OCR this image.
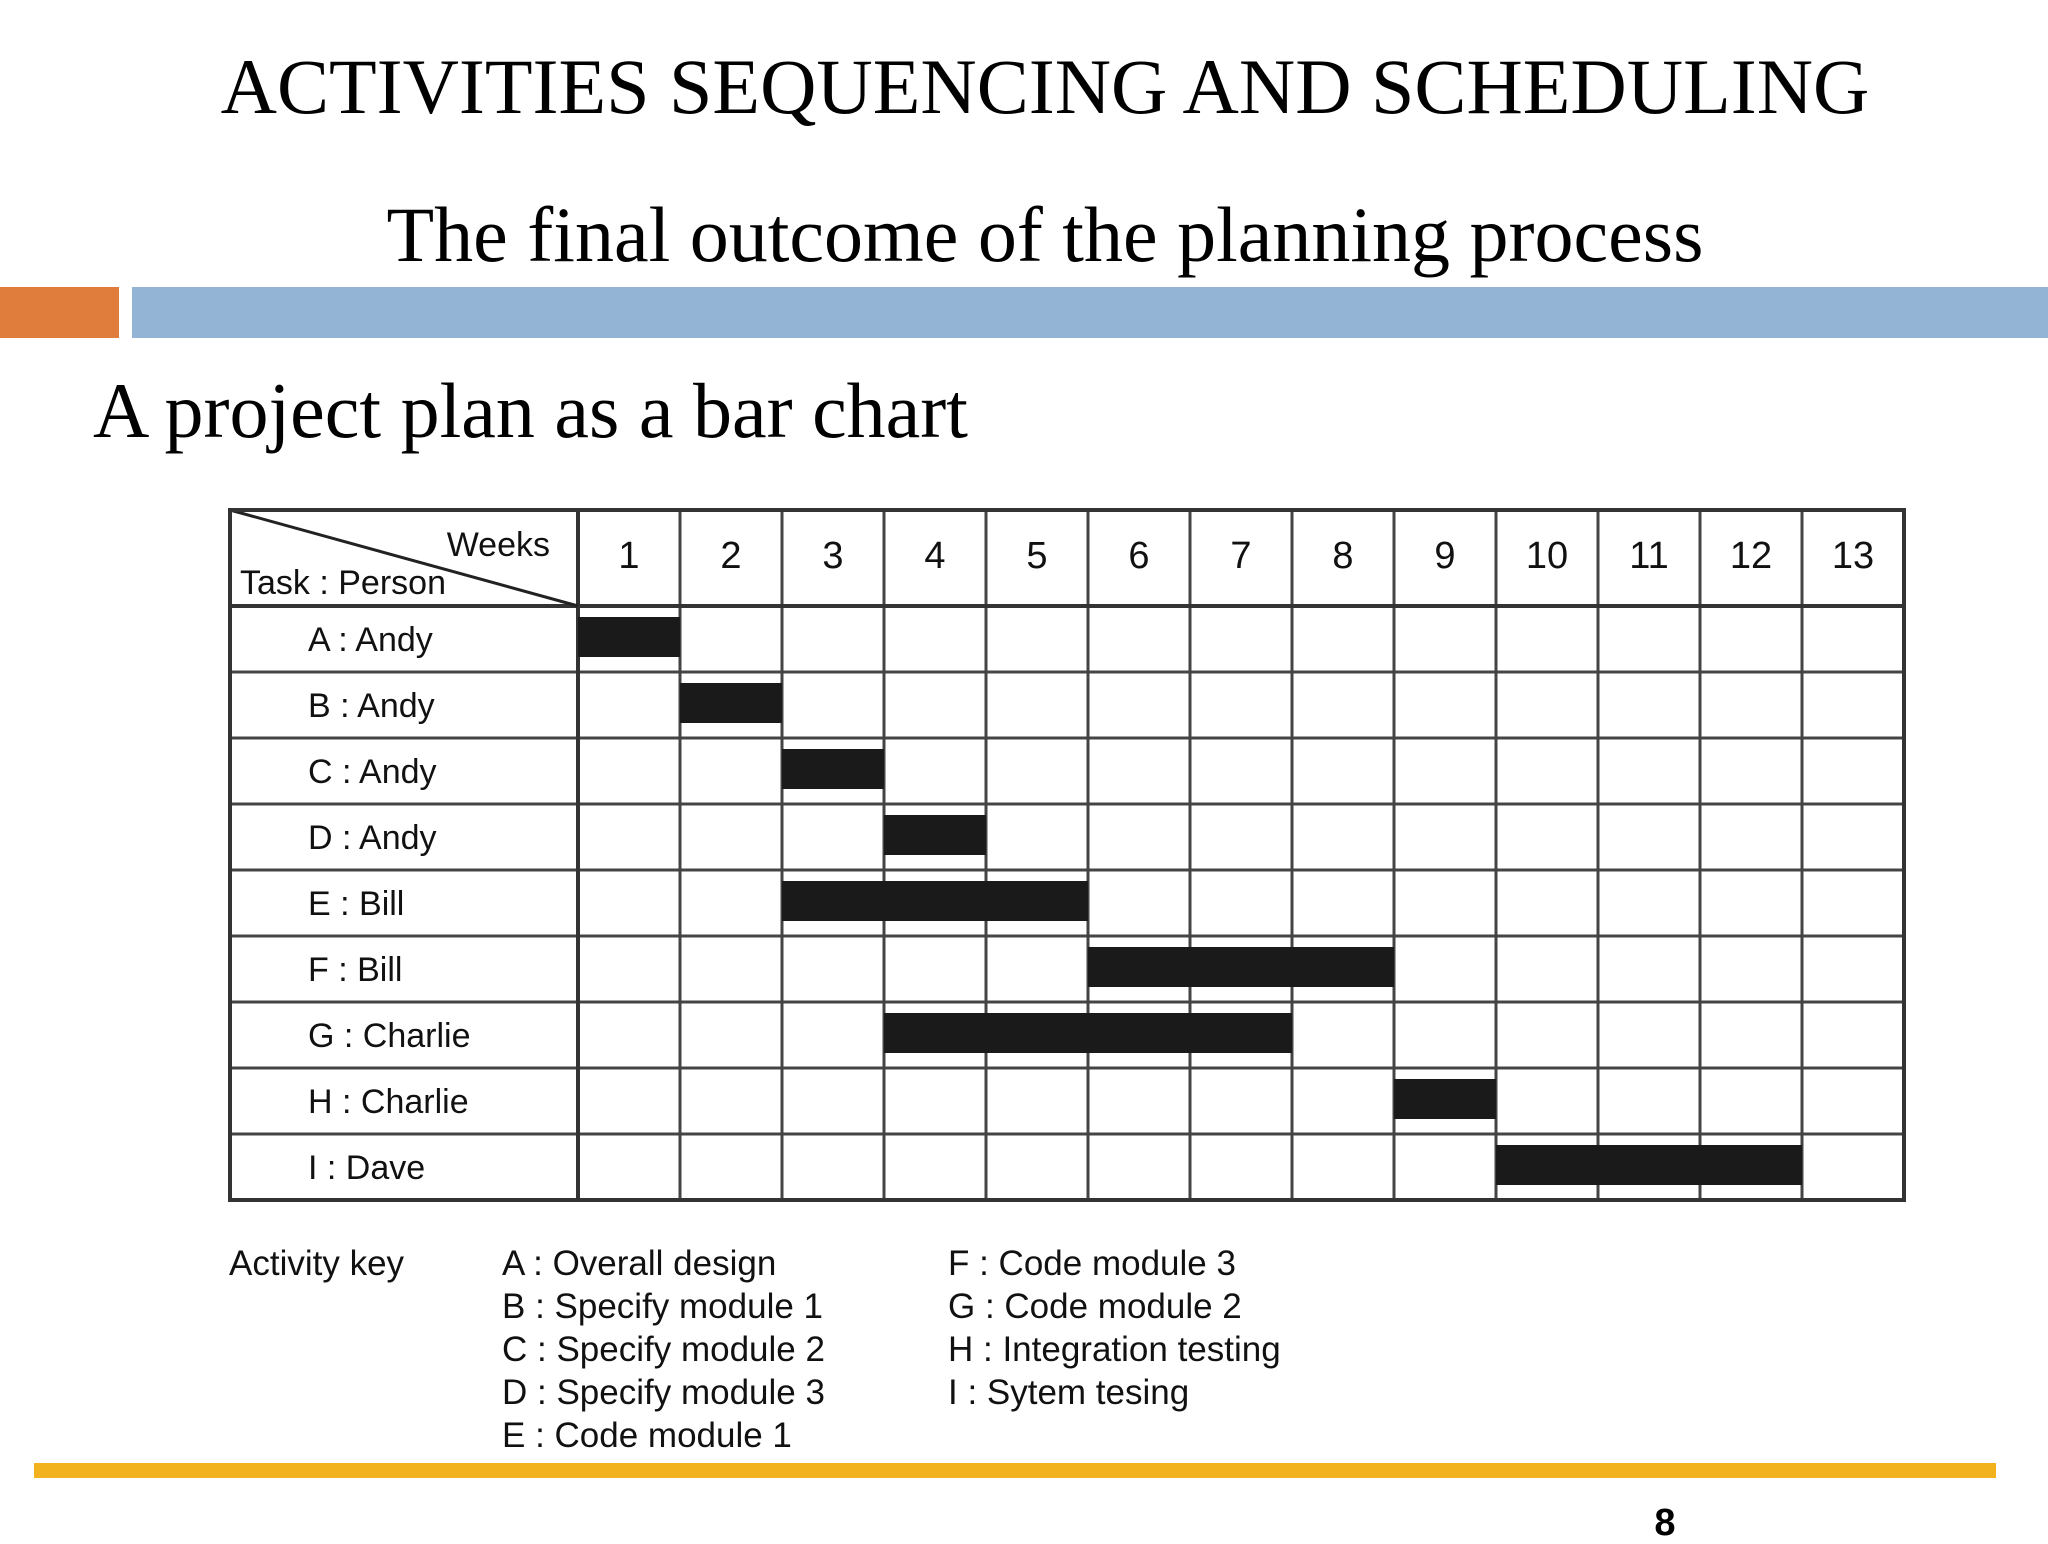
ACTIVITIES SEQUENCING AND SCHEDULING
The final outcome of the planning process
A project plan as a bar chart
Weeks
Task : Person
1 2 3 4 5 6 7 8 9 10 11 12 13
A : Andy
B : Andy
C : Andy
D : Andy
E : Bill
F : Bill
G : Charlie
H : Charlie
I : Dave
Activity key	A : Overall design
B : Specify module 1
C : Specify module 2
D : Specify module 3
E : Code module 1
F : Code module 3
G : Code module 2
H : Integration testing
I : Sytem tesing
8
